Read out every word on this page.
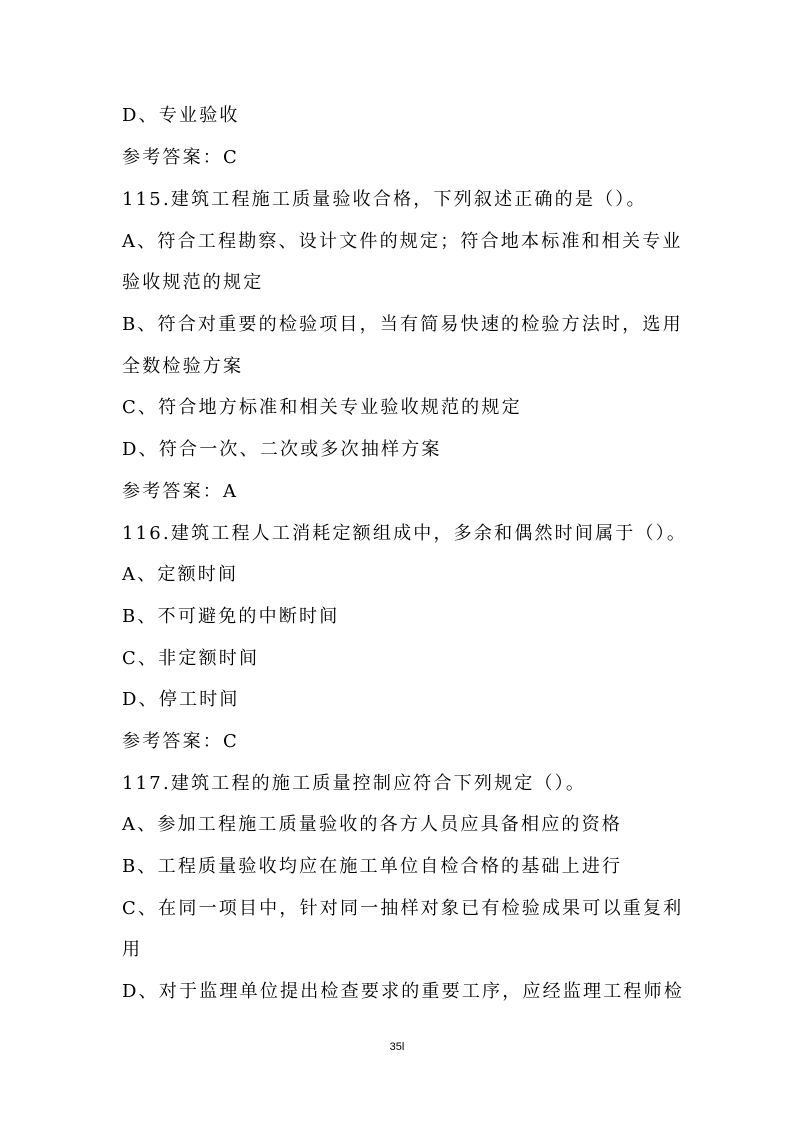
D、专业验收
参考答案：C
115.建筑工程施工质量验收合格，下列叙述正确的是（）。
A、符合工程勘察、设计文件的规定；符合地本标准和相关专业
验收规范的规定
B、符合对重要的检验项目，当有简易快速的检验方法时，选用
全数检验方案
C、符合地方标准和相关专业验收规范的规定
D、符合一次、二次或多次抽样方案
参考答案：A
116.建筑工程人工消耗定额组成中，多余和偶然时间属于（）。
A、定额时间
B、不可避免的中断时间
C、非定额时间
D、停工时间
参考答案：C
117.建筑工程的施工质量控制应符合下列规定（）。
A、参加工程施工质量验收的各方人员应具备相应的资格
B、工程质量验收均应在施工单位自检合格的基础上进行
C、在同一项目中，针对同一抽样对象已有检验成果可以重复利
用
D、对于监理单位提出检查要求的重要工序，应经监理工程师检
35l
